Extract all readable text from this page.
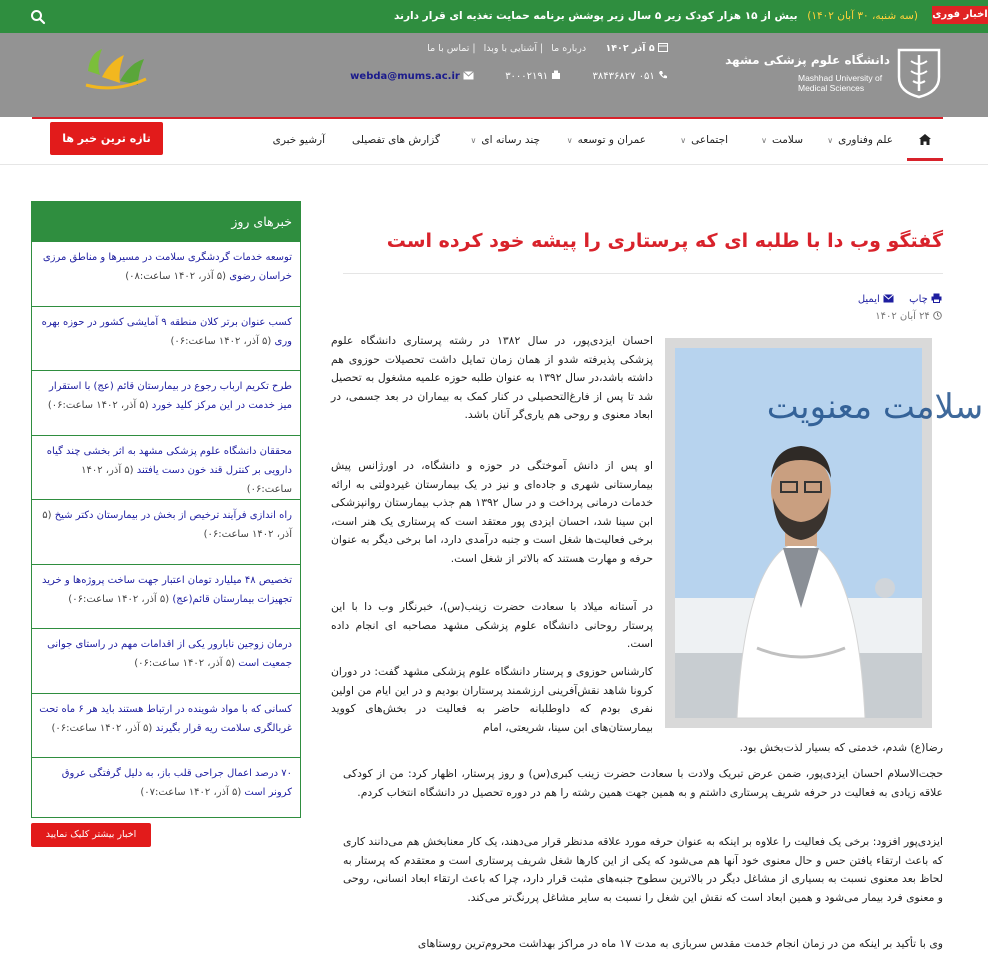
اخبار فوری
(سه شنبه، ۳۰ آبان ۱۴۰۲) بیش از ۱۵ هزار کودک زیر ۵ سال زیر پوشش برنامه حمایت تغذیه ای قرار دارند
دانشگاه علوم پزشکی مشهد
Mashhad University of Medical Sciences
۵ آذر ۱۴۰۲ درباره ما| آشنایی با وبدا| تماس با ما
۰۵۱ ۳۸۴۳۶۸۲۷  ۳۰۰۰۲۱۹۱  webda@mums.ac.ir
علم وفناوری∨
سلامت∨
اجتماعی∨
عمران و توسعه∨
چند رسانه ای∨
گزارش های تفصیلی
آرشیو خبری
تازه ترین خبر ها
خبرهای روز
توسعه خدمات گردشگری سلامت در مسیرها و مناطق مرزی خراسان رضوی (۵ آذر، ۱۴۰۲ ساعت:۰۸)
کسب عنوان برتر کلان منطقه ۹ آمایشی کشور در حوزه بهره وری (۵ آذر، ۱۴۰۲ ساعت:۰۶)
طرح تکریم ارباب رجوع در بیمارستان قائم (عج) با استقرار میز خدمت در این مرکز کلید خورد (۵ آذر، ۱۴۰۲ ساعت:۰۶)
محققان دانشگاه علوم پزشکی مشهد به اثر بخشی چند گیاه دارویی بر کنترل قند خون دست یافتند (۵ آذر، ۱۴۰۲ ساعت:۰۶)
راه اندازی فرآیند ترخیص از بخش در بیمارستان دکتر شیخ (۵ آذر، ۱۴۰۲ ساعت:۰۶)
تخصیص ۴۸ میلیارد تومان اعتبار جهت ساخت پروژه‌ها و خرید تجهیزات بیمارستان قائم(عج) (۵ آذر، ۱۴۰۲ ساعت:۰۶)
درمان زوجین نابارور یکی از اقدامات مهم در راستای جوانی جمعیت است (۵ آذر، ۱۴۰۲ ساعت:۰۶)
کسانی که با مواد شوینده در ارتباط هستند باید هر ۶ ماه تحت غربالگری سلامت ریه قرار بگیرند (۵ آذر، ۱۴۰۲ ساعت:۰۶)
۷۰ درصد اعمال جراحی قلب باز، به دلیل گرفتگی عروق کرونر است (۵ آذر، ۱۴۰۲ ساعت:۰۷)
اخبار بیشتر کلیک نمایید
گفتگو وب دا با طلبه ای که پرستاری را پیشه خود کرده است
چاپ  ایمیل
۲۴ آبان ۱۴۰۲
سلامت معنویت

احسان ایزدی‌پور، در سال ۱۳۸۲ در رشته پرستاری دانشگاه علوم پزشکی پذیرفته شدو از همان زمان تمایل داشت تحصیلات حوزوی هم داشته باشد،در سال ۱۳۹۲ به عنوان طلبه حوزه علمیه مشغول به تحصیل شد تا پس از فارغ‌التحصیلی در کنار کمک به بیماران در بعد جسمی، در ابعاد معنوی و روحی هم یاری‌گر آنان باشد.

او پس از دانش آموختگی در حوزه و دانشگاه، در اورژانس پیش بیمارستانی شهری و جاده‌ای و نیز در یک بیمارستان غیردولتی به ارائه خدمات درمانی پرداخت و در سال ۱۳۹۲ هم جذب بیمارستان روانپزشکی ابن سینا شد، احسان ایزدی پور معتقد است که پرستاری یک هنر است، برخی فعالیت‌ها شغل است و جنبه درآمدی دارد، اما برخی دیگر به عنوان حرفه و مهارت هستند که بالاتر از شغل است.

در آستانه میلاد با سعادت حضرت زینب(س)، خبرنگار وب دا با این پرستار روحانی دانشگاه علوم پزشکی مشهد مصاحبه ای انجام داده است.

کارشناس حوزوی و پرستار دانشگاه علوم پزشکی مشهد گفت: در دوران کرونا شاهد نقش‌آفرینی ارزشمند پرستاران بودیم و در این ایام من اولین نفری بودم که داوطلبانه حاضر به فعالیت در بخش‌های کووید بیمارستان‌های ابن سینا، شریعتی، امام

رضا(ع) شدم، خدمتی که بسیار لذت‌بخش بود.

حجت‌الاسلام احسان ایزدی‌پور، ضمن عرض تبریک ولادت با سعادت حضرت زینب کبری(س) و روز پرستار، اظهار کرد: من از کودکی علاقه زیادی به فعالیت در حرفه شریف پرستاری داشتم و به همین جهت همین رشته را هم در دوره تحصیل در دانشگاه انتخاب کردم.

ایزدی‌پور افزود: برخی یک فعالیت را علاوه بر اینکه به عنوان حرفه مورد علاقه مدنظر قرار می‌دهند، یک کار معنابخش هم می‌دانند کاری که باعث ارتقاء یافتن حس و حال معنوی خود آنها هم می‌شود که یکی از این کارها شغل شریف پرستاری است و معتقدم که پرستار به لحاظ بعد معنوی نسبت به بسیاری از مشاغل دیگر در بالاترین سطوح جنبه‌های مثبت قرار دارد، چرا که باعث ارتقاء ابعاد انسانی، روحی و معنوی فرد بیمار می‌شود و همین ابعاد است که نقش این شغل را نسبت به سایر مشاغل پررنگ‌تر می‌کند.

وی با تأکید بر اینکه من در زمان انجام خدمت مقدس سربازی به مدت ۱۷ ماه در مراکز بهداشت محروم‌ترین روستاهای
